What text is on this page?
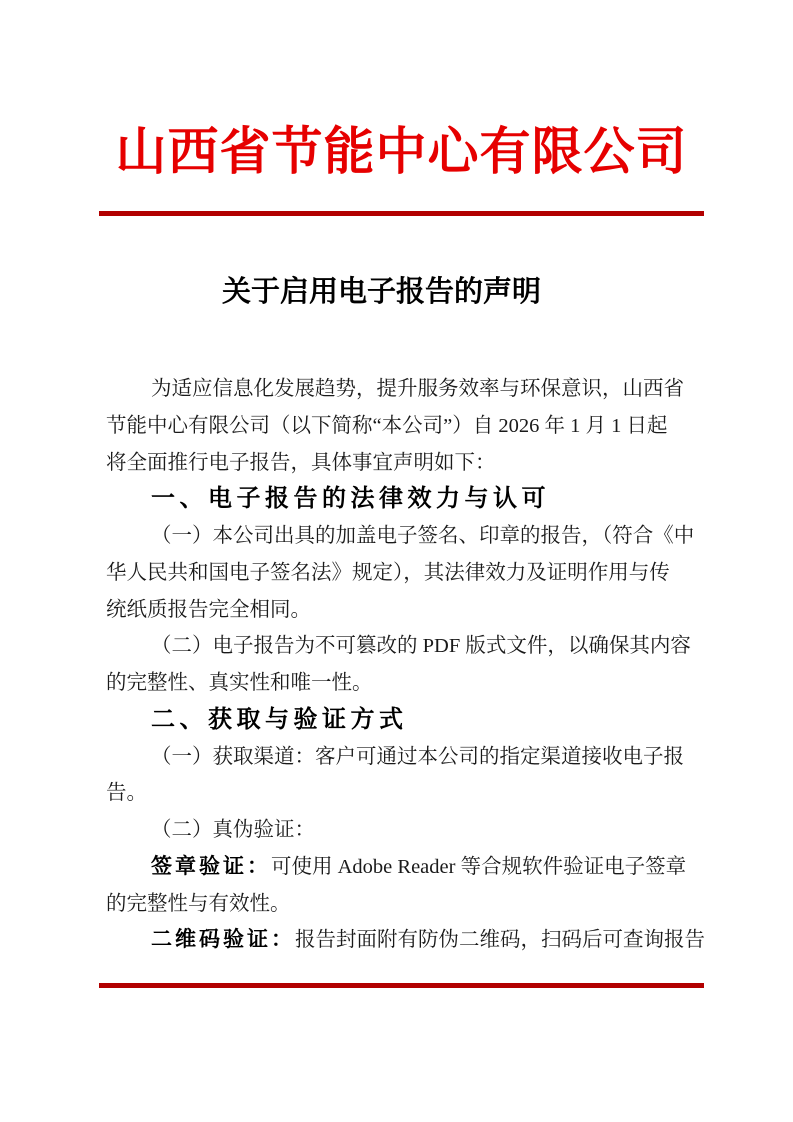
山西省节能中心有限公司
关于启用电子报告的声明
为适应信息化发展趋势，提升服务效率与环保意识，山西省
节能中心有限公司（以下简称“本公司”）自 2026 年 1 月 1 日起
将全面推行电子报告，具体事宜声明如下：
一、电子报告的法律效力与认可
（一）本公司出具的加盖电子签名、印章的报告，（符合《中
华人民共和国电子签名法》规定），其法律效力及证明作用与传
统纸质报告完全相同。
（二）电子报告为不可篡改的 PDF 版式文件，以确保其内容
的完整性、真实性和唯一性。
二、获取与验证方式
（一）获取渠道：客户可通过本公司的指定渠道接收电子报
告。
（二）真伪验证：
签章验证：可使用 Adobe Reader 等合规软件验证电子签章
的完整性与有效性。
二维码验证：报告封面附有防伪二维码，扫码后可查询报告
